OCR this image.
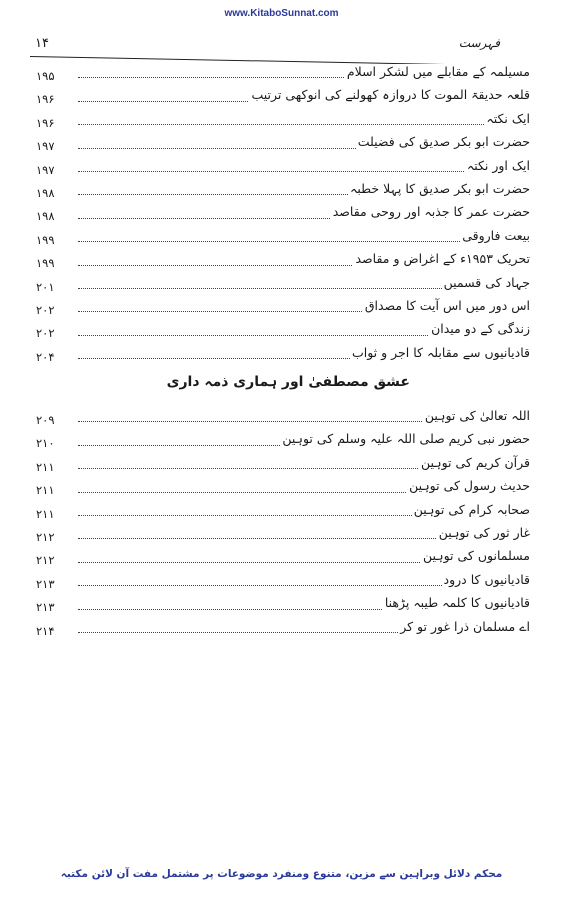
www.KitaboSunnat.com
۱۴	فہرست
مسیلمہ کے مقابلے میں لشکر اسلام
۱۹۵
قلعہ حدیقۃ الموت کا دروازہ کھولنے کی انوکھی ترتیب
۱۹۶
ایک نکتہ
۱۹۶
حضرت ابو بکر صدیق کی فضیلت
۱۹۷
ایک اور نکتہ
۱۹۷
حضرت ابو بکر صدیق کا پہلا خطبہ
۱۹۸
حضرت عمر کا جذبہ اور روحی مقاصد
۱۹۸
بیعت فاروقی
۱۹۹
تحریک ۱۹۵۳ء کے اغراض و مقاصد
۱۹۹
جہاد کی قسمیں
۲۰۱
اس دور میں اس آیت کا مصداق
۲۰۲
زندگی کے دو میدان
۲۰۲
قادیانیوں سے مقابلہ کا اجر و ثواب
۲۰۴
عشق مصطفیٰ اور ہماری ذمہ داری
اللہ تعالیٰ کی توہین
۲۰۹
حضور نبی کریم صلی اللہ علیہ وسلم کی توہین
۲۱۰
قرآن کریم کی توہین
۲۱۱
حدیث رسول کی توہین
۲۱۱
صحابہ کرام کی توہین
۲۱۱
غار ثور کی توہین
۲۱۲
مسلمانوں کی توہین
۲۱۲
قادیانیوں کا درود
۲۱۳
قادیانیوں کا کلمہ طیبہ پڑھنا
۲۱۳
اے مسلمان ذرا غور تو کر
۲۱۴
محکم دلائل وبراہین سے مزین، متنوع ومنفرد موضوعات پر مشتمل مفت آن لائن مکتبہ
